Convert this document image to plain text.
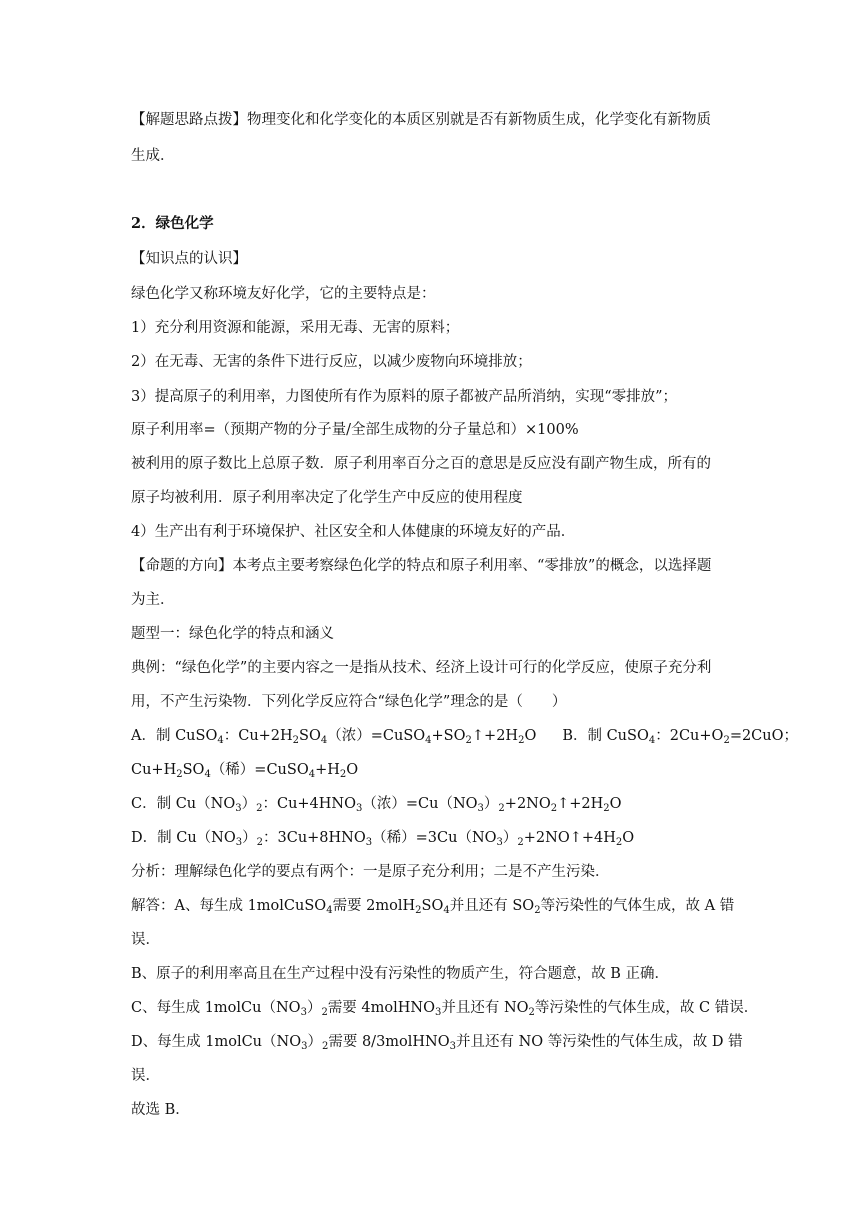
【解题思路点拨】物理变化和化学变化的本质区别就是否有新物质生成，化学变化有新物质
生成．
2．绿色化学
【知识点的认识】
绿色化学又称环境友好化学，它的主要特点是：
1）充分利用资源和能源，采用无毒、无害的原料；
2）在无毒、无害的条件下进行反应，以减少废物向环境排放；
3）提高原子的利用率，力图使所有作为原料的原子都被产品所消纳，实现“零排放”；
原子利用率=（预期产物的分子量/全部生成物的分子量总和）×100%
被利用的原子数比上总原子数．原子利用率百分之百的意思是反应没有副产物生成，所有的
原子均被利用．原子利用率决定了化学生产中反应的使用程度
4）生产出有利于环境保护、社区安全和人体健康的环境友好的产品．
【命题的方向】本考点主要考察绿色化学的特点和原子利用率、“零排放”的概念，以选择题
为主．
题型一：绿色化学的特点和涵义
典例：“绿色化学”的主要内容之一是指从技术、经济上设计可行的化学反应，使原子充分利
用，不产生污染物．下列化学反应符合“绿色化学”理念的是（　　）
A．制 CuSO$_4$：$Cu+2H_2SO_4$（浓）$=CuSO_4+SO_2↑+2H_2O$ B．制 CuSO$_4$：$2Cu+O_2=2CuO$；
$Cu+H_2SO_4$（稀）$=CuSO_4+H_2O$
C．制 $Cu(NO_3)_2$：$Cu+4HNO_3$（浓）$=Cu(NO_3)_2+2NO_2↑+2H_2O$
D．制 $Cu(NO_3)_2$：$3Cu+8HNO_3$（稀）$=3Cu(NO_3)_2+2NO↑+4H_2O$
分析：理解绿色化学的要点有两个：一是原子充分利用；二是不产生污染．
解答：A、每生成 1molCuSO$_4$需要 $2molH_2SO_4$并且还有 $SO_2$等污染性的气体生成，故 A 错
误．
B、原子的利用率高且在生产过程中没有污染性的物质产生，符合题意，故 B 正确．
C、每生成 $1molCu(NO_3)_2$需要 4molHNO$_3$并且还有 $NO_2$等污染性的气体生成，故 C 错误．
D、每生成 $1molCu(NO_3)_2$需要 8/3molHNO$_3$并且还有 NO 等污染性的气体生成，故 D 错
误．
故选 B．
